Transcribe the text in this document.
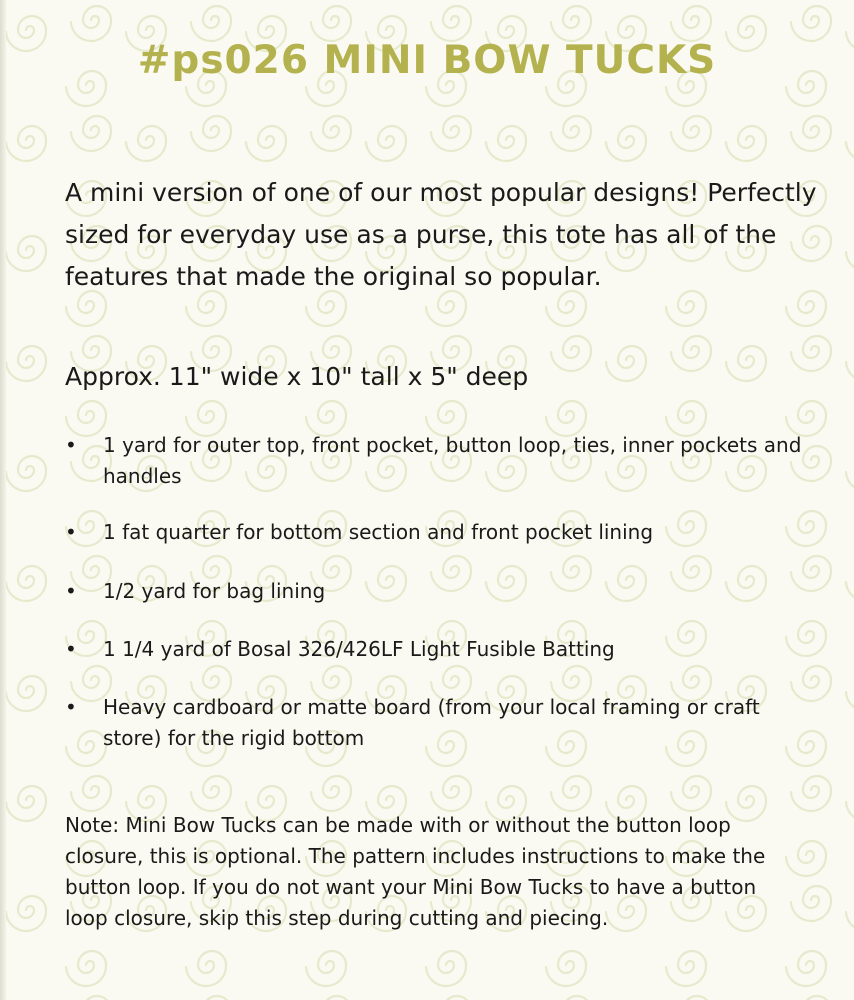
#ps026 MINI BOW TUCKS

A mini version of one of our most popular designs! Perfectly sized for everyday use as a purse, this tote has all of the features that made the original so popular.

Approx. 11" wide x 10" tall x 5" deep

• 1 yard for outer top, front pocket, button loop, ties, inner pockets and handles
• 1 fat quarter for bottom section and front pocket lining
• 1/2 yard for bag lining
• 1 1/4 yard of Bosal 326/426LF Light Fusible Batting
• Heavy cardboard or matte board (from your local framing or craft store) for the rigid bottom

Note: Mini Bow Tucks can be made with or without the button loop closure, this is optional. The pattern includes instructions to make the button loop. If you do not want your Mini Bow Tucks to have a button loop closure, skip this step during cutting and piecing.
